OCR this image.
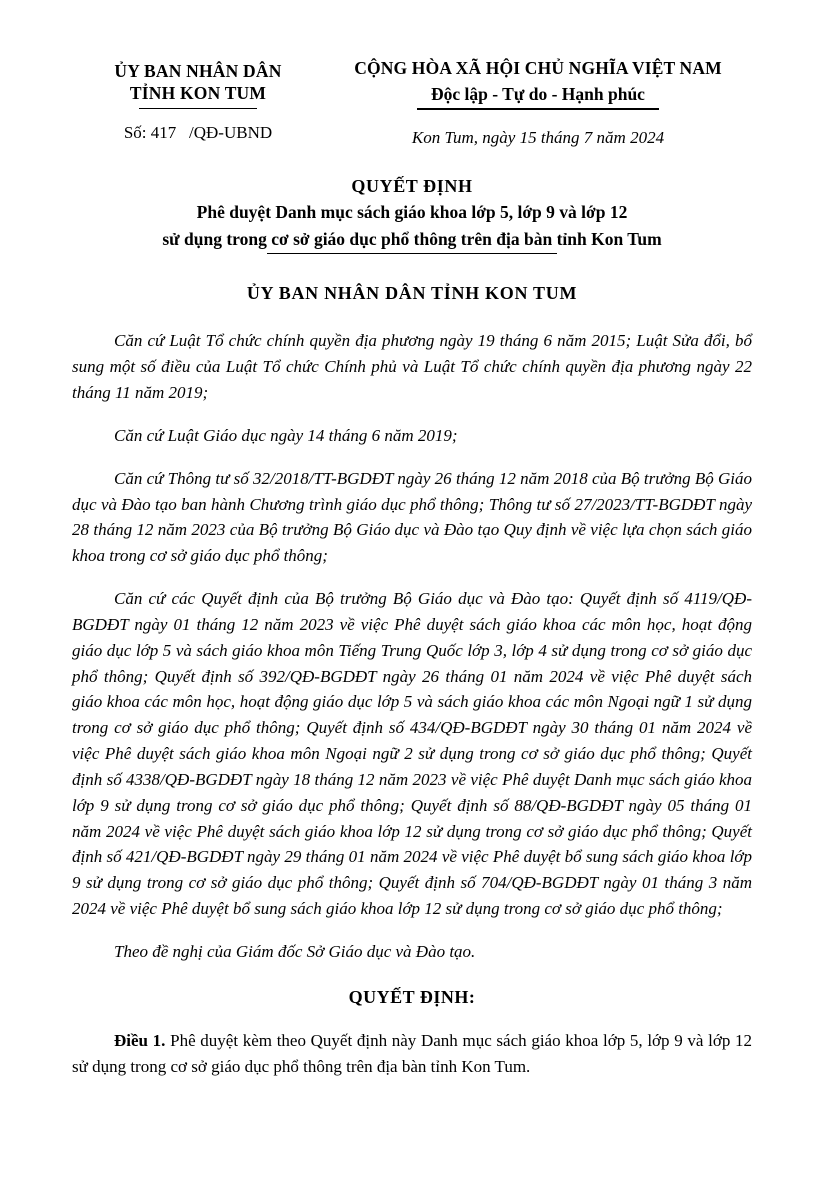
ỦY BAN NHÂN DÂN
TỈNH KON TUM
Số: 417   /QĐ-UBND
CỘNG HÒA XÃ HỘI CHỦ NGHĨA VIỆT NAM
Độc lập - Tự do - Hạnh phúc
Kon Tum, ngày 15 tháng 7 năm 2024
QUYẾT ĐỊNH
Phê duyệt Danh mục sách giáo khoa lớp 5, lớp 9 và lớp 12
sử dụng trong cơ sở giáo dục phổ thông trên địa bàn tỉnh Kon Tum
ỦY BAN NHÂN DÂN TỈNH KON TUM

Căn cứ Luật Tổ chức chính quyền địa phương ngày 19 tháng 6 năm 2015; Luật Sửa đổi, bổ sung một số điều của Luật Tổ chức Chính phủ và Luật Tổ chức chính quyền địa phương ngày 22 tháng 11 năm 2019;

Căn cứ Luật Giáo dục ngày 14 tháng 6 năm 2019;

Căn cứ Thông tư số 32/2018/TT-BGDĐT ngày 26 tháng 12 năm 2018 của Bộ trưởng Bộ Giáo dục và Đào tạo ban hành Chương trình giáo dục phổ thông; Thông tư số 27/2023/TT-BGDĐT ngày 28 tháng 12 năm 2023 của Bộ trưởng Bộ Giáo dục và Đào tạo Quy định về việc lựa chọn sách giáo khoa trong cơ sở giáo dục phổ thông;

Căn cứ các Quyết định của Bộ trưởng Bộ Giáo dục và Đào tạo: Quyết định số 4119/QĐ-BGDĐT ngày 01 tháng 12 năm 2023 về việc Phê duyệt sách giáo khoa các môn học, hoạt động giáo dục lớp 5 và sách giáo khoa môn Tiếng Trung Quốc lớp 3, lớp 4 sử dụng trong cơ sở giáo dục phổ thông; Quyết định số 392/QĐ-BGDĐT ngày 26 tháng 01 năm 2024 về việc Phê duyệt sách giáo khoa các môn học, hoạt động giáo dục lớp 5 và sách giáo khoa các môn Ngoại ngữ 1 sử dụng trong cơ sở giáo dục phổ thông; Quyết định số 434/QĐ-BGDĐT ngày 30 tháng 01 năm 2024 về việc Phê duyệt sách giáo khoa môn Ngoại ngữ 2 sử dụng trong cơ sở giáo dục phổ thông; Quyết định số 4338/QĐ-BGDĐT ngày 18 tháng 12 năm 2023 về việc Phê duyệt Danh mục sách giáo khoa lớp 9 sử dụng trong cơ sở giáo dục phổ thông; Quyết định số 88/QĐ-BGDĐT ngày 05 tháng 01 năm 2024 về việc Phê duyệt sách giáo khoa lớp 12 sử dụng trong cơ sở giáo dục phổ thông; Quyết định số 421/QĐ-BGDĐT ngày 29 tháng 01 năm 2024 về việc Phê duyệt bổ sung sách giáo khoa lớp 9 sử dụng trong cơ sở giáo dục phổ thông; Quyết định số 704/QĐ-BGDĐT ngày 01 tháng 3 năm 2024 về việc Phê duyệt bổ sung sách giáo khoa lớp 12 sử dụng trong cơ sở giáo dục phổ thông;

Theo đề nghị của Giám đốc Sở Giáo dục và Đào tạo.

QUYẾT ĐỊNH:

Điều 1. Phê duyệt kèm theo Quyết định này Danh mục sách giáo khoa lớp 5, lớp 9 và lớp 12 sử dụng trong cơ sở giáo dục phổ thông trên địa bàn tỉnh Kon Tum.
